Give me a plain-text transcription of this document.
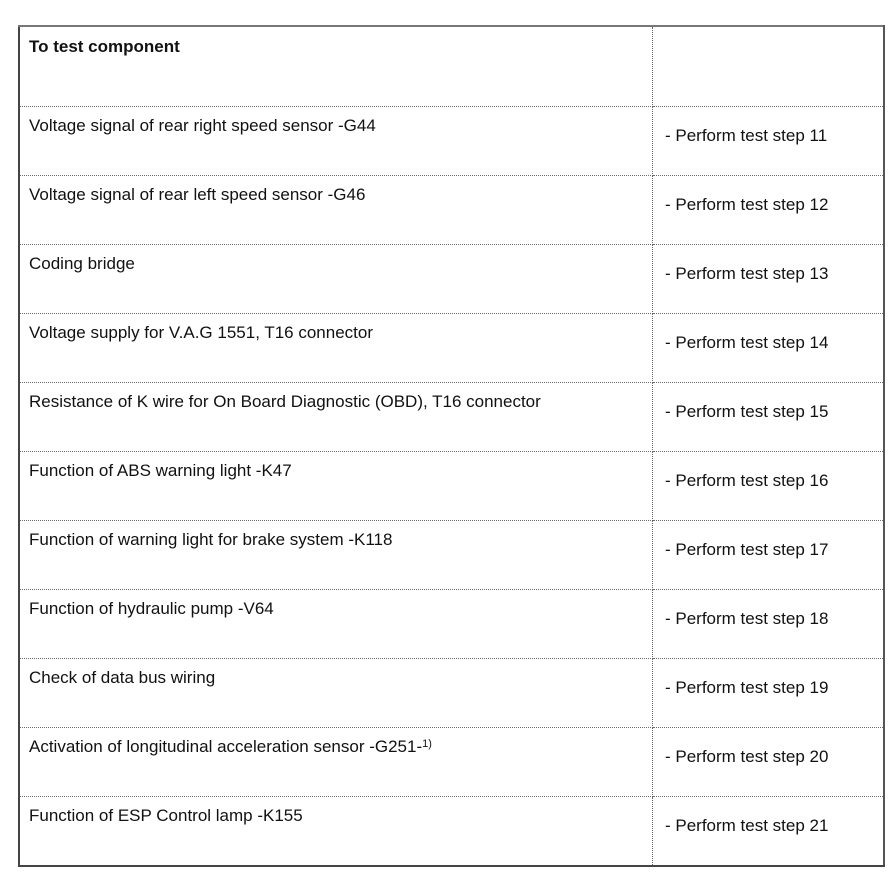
To test component	
Voltage signal of rear right speed sensor -G44	- Perform test step 11
Voltage signal of rear left speed sensor -G46	- Perform test step 12
Coding bridge	- Perform test step 13
Voltage supply for V.A.G 1551, T16 connector	- Perform test step 14
Resistance of K wire for On Board Diagnostic (OBD), T16 connector	- Perform test step 15
Function of ABS warning light -K47	- Perform test step 16
Function of warning light for brake system -K118	- Perform test step 17
Function of hydraulic pump -V64	- Perform test step 18
Check of data bus wiring	- Perform test step 19
Activation of longitudinal acceleration sensor -G251-$^{1)}$	- Perform test step 20
Function of ESP Control lamp -K155	- Perform test step 21
